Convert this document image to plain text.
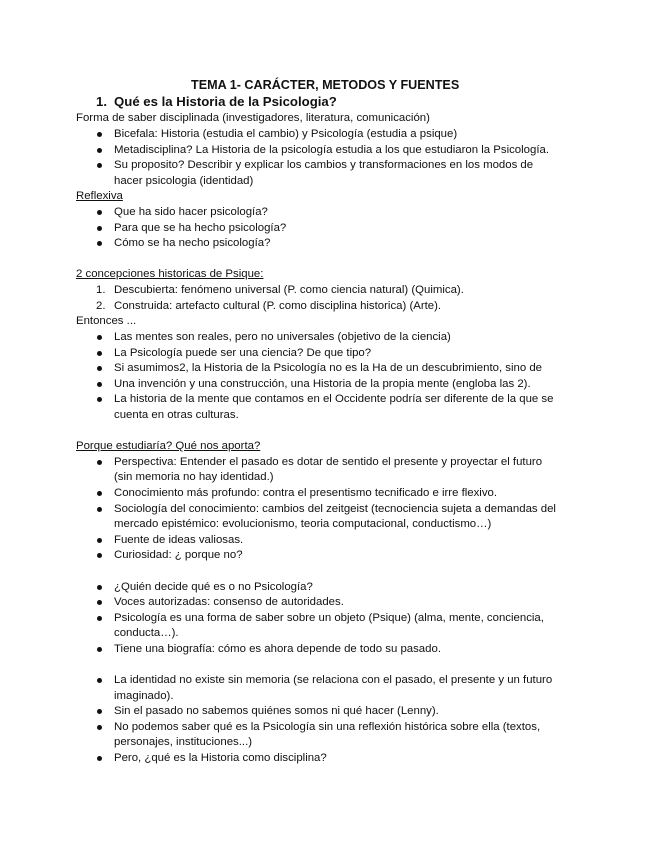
TEMA 1- CARÁCTER, METODOS Y FUENTES
1. Qué es la Historia de la Psicologia?
Forma de saber disciplinada (investigadores, literatura, comunicación)
Bicefala: Historia (estudia el cambio) y Psicología (estudia a psique)
Metadisciplina? La Historia de la psicología estudia a los que estudiaron la Psicología.
Su proposito? Describir y explicar los cambios y transformaciones en los modos de
hacer psicologia (identidad)
Reflexiva
Que ha sido hacer psicología?
Para que se ha hecho psicología?
Cómo se ha necho psicología?
2 concepciones historicas de Psique:
1. Descubierta: fenómeno universal (P. como ciencia natural) (Quimica).
2. Construida: artefacto cultural (P. como disciplina historica) (Arte).
Entonces ...
Las mentes son reales, pero no universales (objetivo de la ciencia)
La Psicología puede ser una ciencia? De que tipo?
Si asumimos2, la Historia de la Psicología no es la Ha de un descubrimiento, sino de
Una invención y una construcción, una Historia de la propia mente (engloba las 2).
La historia de la mente que contamos en el Occidente podría ser diferente de la que se
cuenta en otras culturas.
Porque estudiaría? Qué nos aporta?
Perspectiva: Entender el pasado es dotar de sentido el presente y proyectar el futuro
(sin memoria no hay identidad.)
Conocimiento más profundo: contra el presentismo tecnificado e irre flexivo.
Sociología del conocimiento: cambios del zeitgeist (tecnociencia sujeta a demandas del
mercado epistémico: evolucionismo, teoria computacional, conductismo…)
Fuente de ideas valiosas.
Curiosidad: ¿ porque no?
¿Quién decide qué es o no Psicología?
Voces autorizadas: consenso de autoridades.
Psicología es una forma de saber sobre un objeto (Psique) (alma, mente, conciencia,
conducta…).
Tiene una biografía: cómo es ahora depende de todo su pasado.
La identidad no existe sin memoria (se relaciona con el pasado, el presente y un futuro
imaginado).
Sin el pasado no sabemos quiénes somos ni qué hacer (Lenny).
No podemos saber qué es la Psicología sin una reflexión histórica sobre ella (textos,
personajes, instituciones...)
Pero, ¿qué es la Historia como disciplina?
